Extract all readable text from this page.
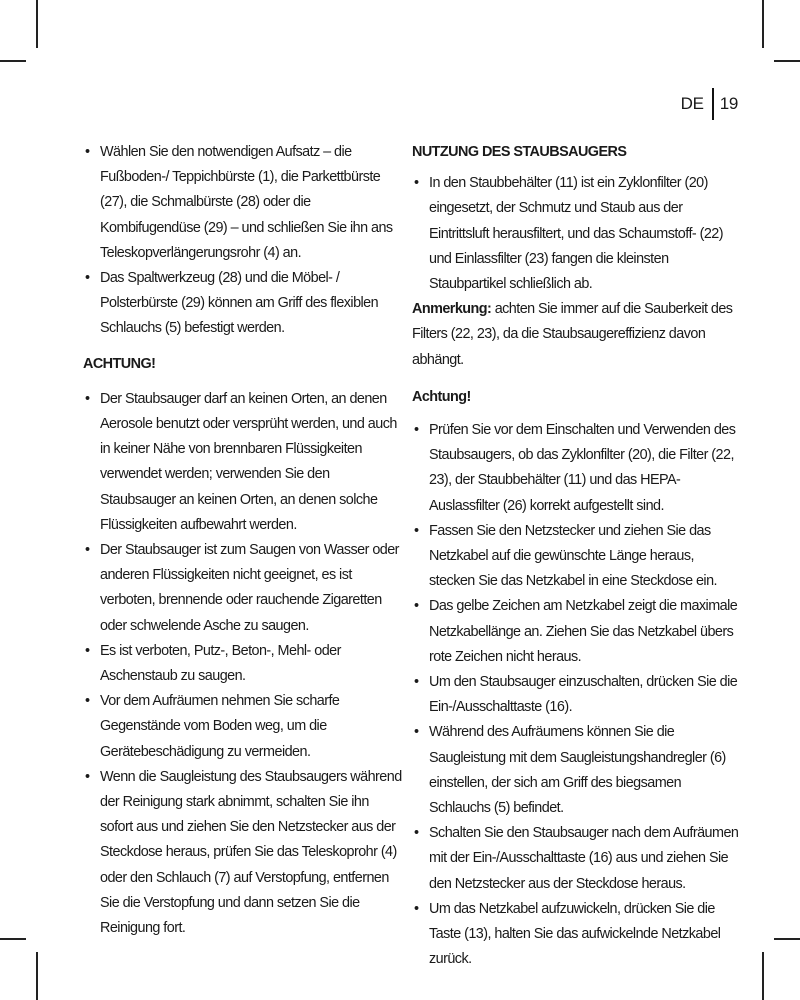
DE 19
• Wählen Sie den notwendigen Aufsatz – die Fußboden-/ Teppichbürste (1), die Parkettbürste (27), die Schmalbürste (28) oder die Kombifugendüse (29) – und schließen Sie ihn ans Teleskopverlängerungsrohr (4) an.
• Das Spaltwerkzeug (28) und die Möbel- / Polsterbürste (29) können am Griff des flexiblen Schlauchs (5) befestigt werden.
ACHTUNG!
• Der Staubsauger darf an keinen Orten, an denen Aerosole benutzt oder versprüht werden, und auch in keiner Nähe von brennbaren Flüssigkeiten verwendet werden; verwenden Sie den Staubsauger an keinen Orten, an denen solche Flüssigkeiten aufbewahrt werden.
• Der Staubsauger ist zum Saugen von Wasser oder anderen Flüssigkeiten nicht geeignet, es ist verboten, brennende oder rauchende Zigaretten oder schwelende Asche zu saugen.
• Es ist verboten, Putz-, Beton-, Mehl- oder Aschenstaub zu saugen.
• Vor dem Aufräumen nehmen Sie scharfe Gegenstände vom Boden weg, um die Gerätebeschädigung zu vermeiden.
• Wenn die Saugleistung des Staubsaugers während der Reinigung stark abnimmt, schalten Sie ihn sofort aus und ziehen Sie den Netzstecker aus der Steckdose heraus, prüfen Sie das Teleskoprohr (4) oder den Schlauch (7) auf Verstopfung, entfernen Sie die Verstopfung und dann setzen Sie die Reinigung fort.
NUTZUNG DES STAUBSAUGERS
• In den Staubbehälter (11) ist ein Zyklonfilter (20) eingesetzt, der Schmutz und Staub aus der Eintrittsluft herausfiltert, und das Schaumstoff- (22) und Einlassfilter (23) fangen die kleinsten Staubpartikel schließlich ab.
Anmerkung: achten Sie immer auf die Sauberkeit des Filters (22, 23), da die Staubsaugereffizienz davon abhängt.
Achtung!
• Prüfen Sie vor dem Einschalten und Verwenden des Staubsaugers, ob das Zyklonfilter (20), die Filter (22, 23), der Staubbehälter (11) und das HEPA-Auslassfilter (26) korrekt aufgestellt sind.
• Fassen Sie den Netzstecker und ziehen Sie das Netzkabel auf die gewünschte Länge heraus, stecken Sie das Netzkabel in eine Steckdose ein.
• Das gelbe Zeichen am Netzkabel zeigt die maximale Netzkabellänge an. Ziehen Sie das Netzkabel übers rote Zeichen nicht heraus.
• Um den Staubsauger einzuschalten, drücken Sie die Ein-/Ausschalttaste (16).
• Während des Aufräumens können Sie die Saugleistung mit dem Saugleistungshandregler (6) einstellen, der sich am Griff des biegsamen Schlauchs (5) befindet.
• Schalten Sie den Staubsauger nach dem Aufräumen mit der Ein-/Ausschalttaste (16) aus und ziehen Sie den Netzstecker aus der Steckdose heraus.
• Um das Netzkabel aufzuwickeln, drücken Sie die Taste (13), halten Sie das aufwickelnde Netzkabel zurück.
